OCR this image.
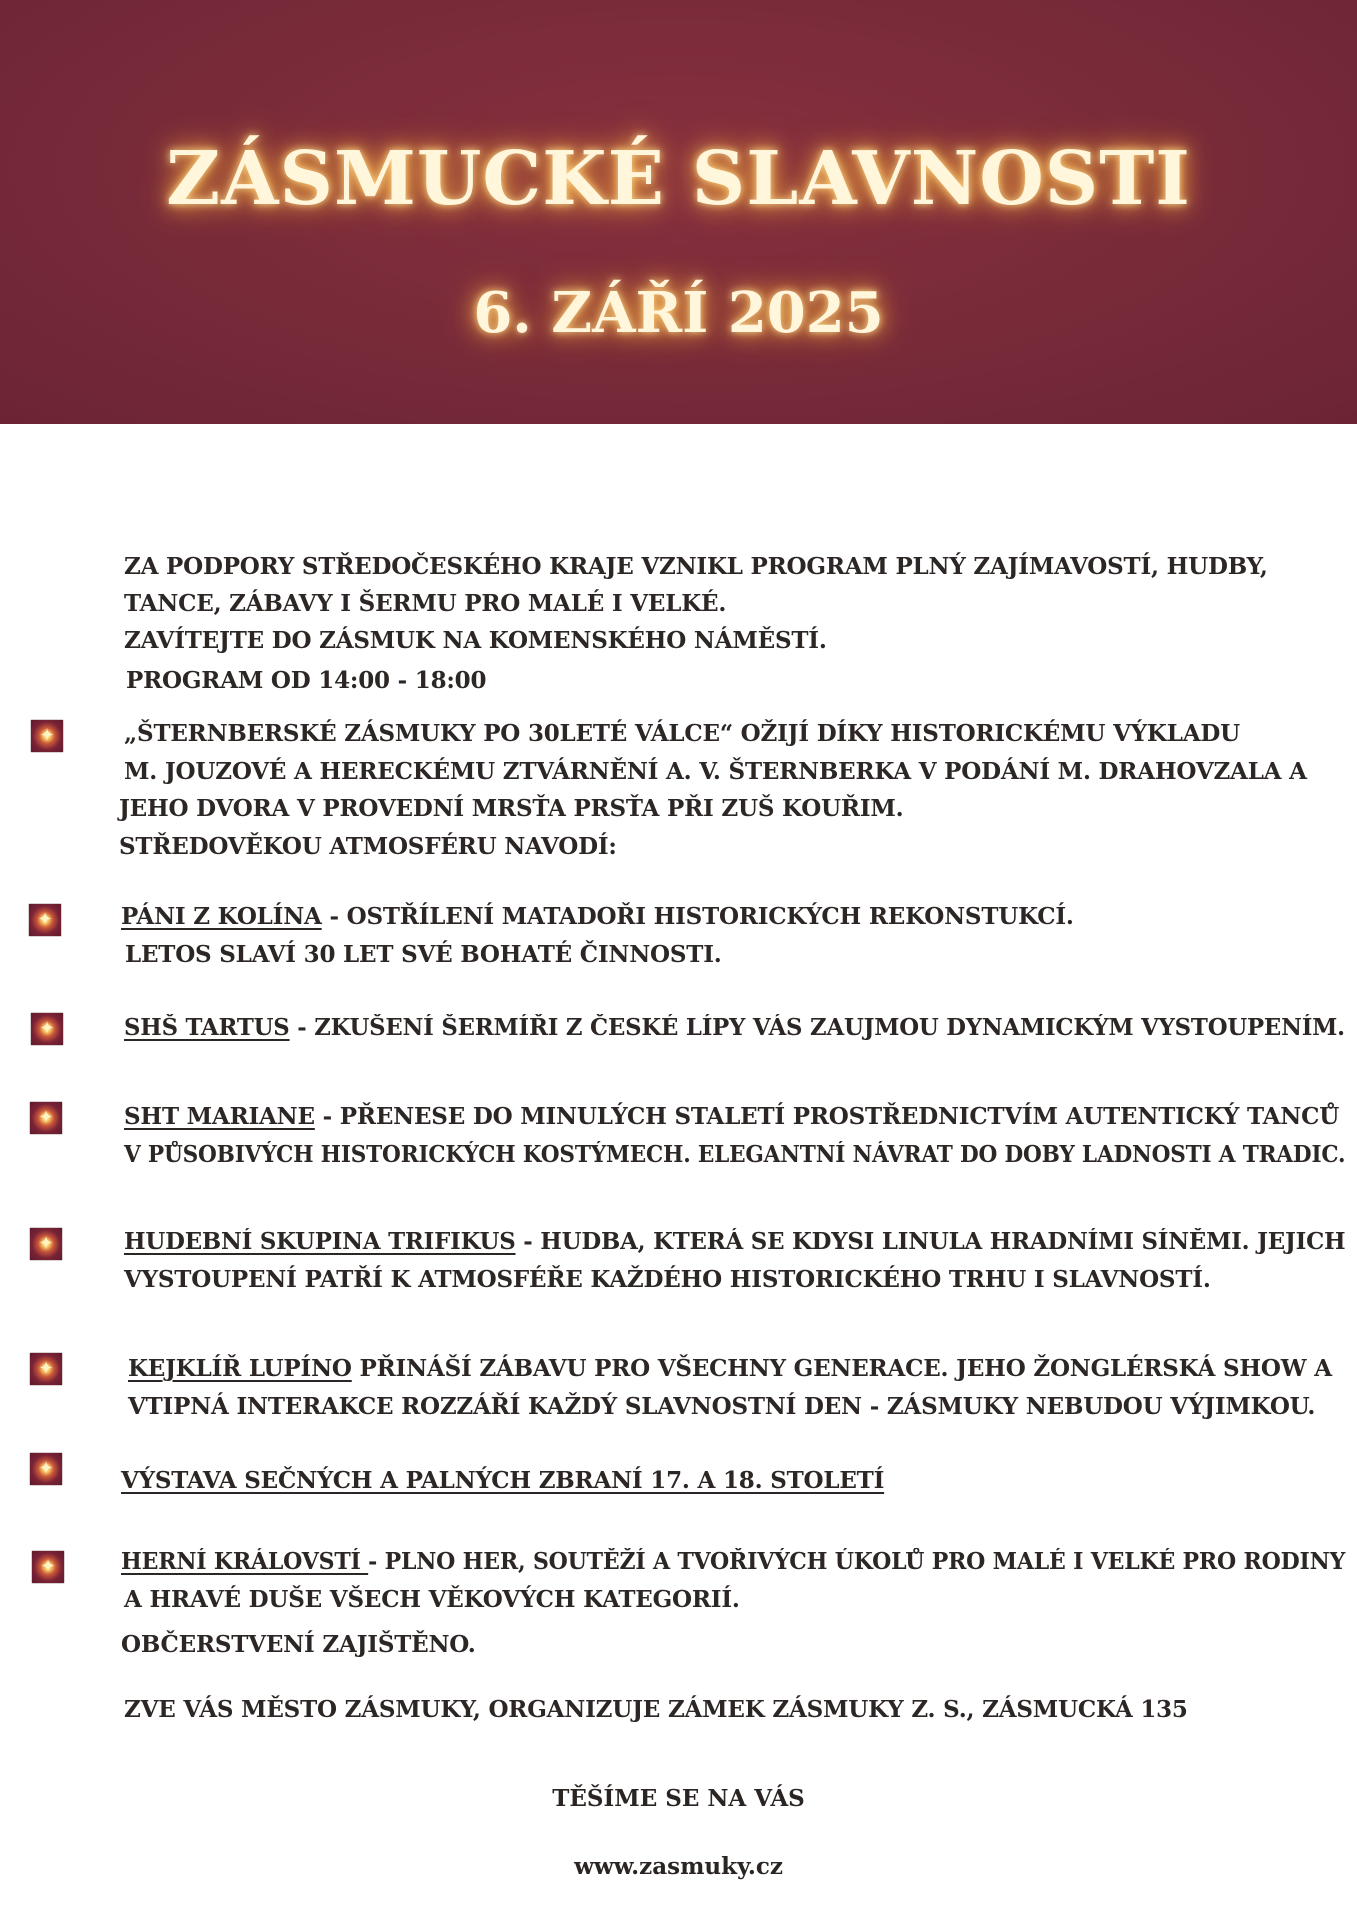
ZÁSMUCKÉ SLAVNOSTI
6. ZÁŘÍ 2025
ZA PODPORY STŘEDOČESKÉHO KRAJE VZNIKL PROGRAM PLNÝ ZAJÍMAVOSTÍ, HUDBY,
TANCE, ZÁBAVY I ŠERMU PRO MALÉ I VELKÉ.
ZAVÍTEJTE DO ZÁSMUK NA KOMENSKÉHO NÁMĚSTÍ.
PROGRAM OD 14:00 - 18:00
✦
„ŠTERNBERSKÉ ZÁSMUKY PO 30LETÉ VÁLCE“ OŽIJÍ DÍKY HISTORICKÉMU VÝKLADU
M. JOUZOVÉ A HERECKÉMU ZTVÁRNĚNÍ A. V. ŠTERNBERKA V PODÁNÍ M. DRAHOVZALA A
JEHO DVORA V PROVEDNÍ MRSŤA PRSŤA PŘI ZUŠ KOUŘIM.
STŘEDOVĚKOU ATMOSFÉRU NAVODÍ:
✦
PÁNI Z KOLÍNA - OSTŘÍLENÍ MATADOŘI HISTORICKÝCH REKONSTUKCÍ.
LETOS SLAVÍ 30 LET SVÉ BOHATÉ ČINNOSTI.
✦
SHŠ TARTUS - ZKUŠENÍ ŠERMÍŘI Z ČESKÉ LÍPY VÁS ZAUJMOU DYNAMICKÝM VYSTOUPENÍM.
✦
SHT MARIANE - PŘENESE DO MINULÝCH STALETÍ PROSTŘEDNICTVÍM AUTENTICKÝ TANCŮ
V PŮSOBIVÝCH HISTORICKÝCH KOSTÝMECH. ELEGANTNÍ NÁVRAT DO DOBY LADNOSTI A TRADIC.
✦
HUDEBNÍ SKUPINA TRIFIKUS - HUDBA, KTERÁ SE KDYSI LINULA HRADNÍMI SÍNĚMI. JEJICH
VYSTOUPENÍ PATŘÍ K ATMOSFÉŘE KAŽDÉHO HISTORICKÉHO TRHU I SLAVNOSTÍ.
✦
KEJKLÍŘ LUPÍNO PŘINÁŠÍ ZÁBAVU PRO VŠECHNY GENERACE. JEHO ŽONGLÉRSKÁ SHOW A
VTIPNÁ INTERAKCE ROZZÁŘÍ KAŽDÝ SLAVNOSTNÍ DEN - ZÁSMUKY NEBUDOU VÝJIMKOU.
✦
VÝSTAVA SEČNÝCH A PALNÝCH ZBRANÍ 17. A 18. STOLETÍ
✦
HERNÍ KRÁLOVSTÍ - PLNO HER, SOUTĚŽÍ A TVOŘIVÝCH ÚKOLŮ PRO MALÉ I VELKÉ PRO RODINY
A HRAVÉ DUŠE VŠECH VĚKOVÝCH KATEGORIÍ.
OBČERSTVENÍ ZAJIŠTĚNO.
ZVE VÁS MĚSTO ZÁSMUKY, ORGANIZUJE ZÁMEK ZÁSMUKY Z. S., ZÁSMUCKÁ 135
TĚŠÍME SE NA VÁS
www.zasmuky.cz
